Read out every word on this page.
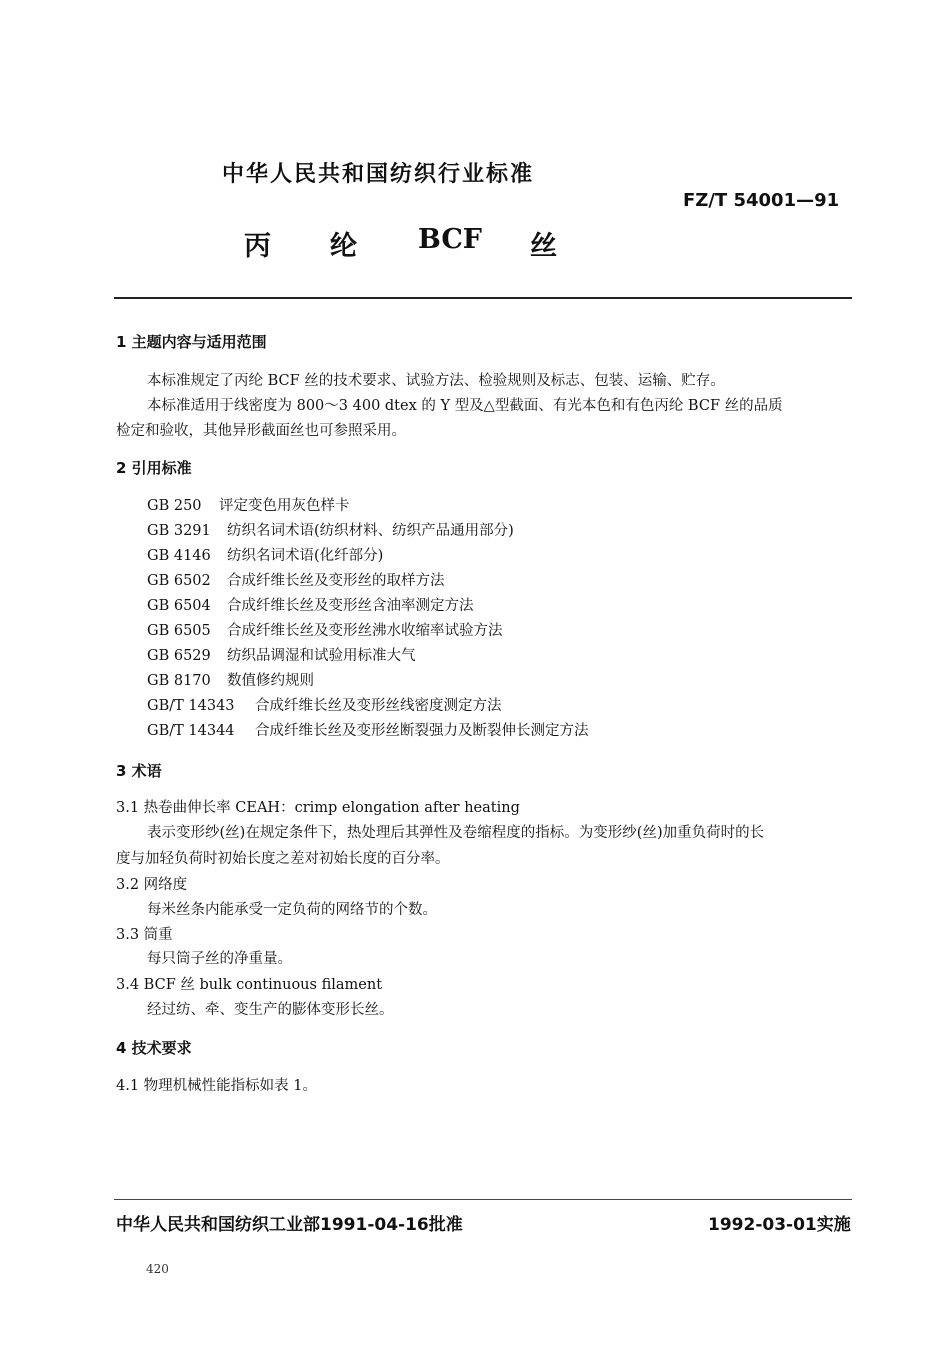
中华人民共和国纺织行业标准
FZ/T 54001—91
丙 纶 BCF 丝
1 主题内容与适用范围
本标准规定了丙纶 BCF 丝的技术要求、试验方法、检验规则及标志、包装、运输、贮存。
本标准适用于线密度为 800～3 400 dtex 的 Y 型及△型截面、有光本色和有色丙纶 BCF 丝的品质
检定和验收，其他异形截面丝也可参照采用。
2 引用标准
GB 250 评定变色用灰色样卡
GB 3291 纺织名词术语(纺织材料、纺织产品通用部分)
GB 4146 纺织名词术语(化纤部分)
GB 6502 合成纤维长丝及变形丝的取样方法
GB 6504 合成纤维长丝及变形丝含油率测定方法
GB 6505 合成纤维长丝及变形丝沸水收缩率试验方法
GB 6529 纺织品调湿和试验用标准大气
GB 8170 数值修约规则
GB/T 14343 合成纤维长丝及变形丝线密度测定方法
GB/T 14344 合成纤维长丝及变形丝断裂强力及断裂伸长测定方法
3 术语
3.1 热卷曲伸长率 CEAH：crimp elongation after heating
表示变形纱(丝)在规定条件下，热处理后其弹性及卷缩程度的指标。为变形纱(丝)加重负荷时的长
度与加轻负荷时初始长度之差对初始长度的百分率。
3.2 网络度
每米丝条内能承受一定负荷的网络节的个数。
3.3 筒重
每只筒子丝的净重量。
3.4 BCF 丝 bulk continuous filament
经过纺、牵、变生产的膨体变形长丝。
4 技术要求
4.1 物理机械性能指标如表 1。
中华人民共和国纺织工业部1991-04-16批准	1992-03-01实施
420
